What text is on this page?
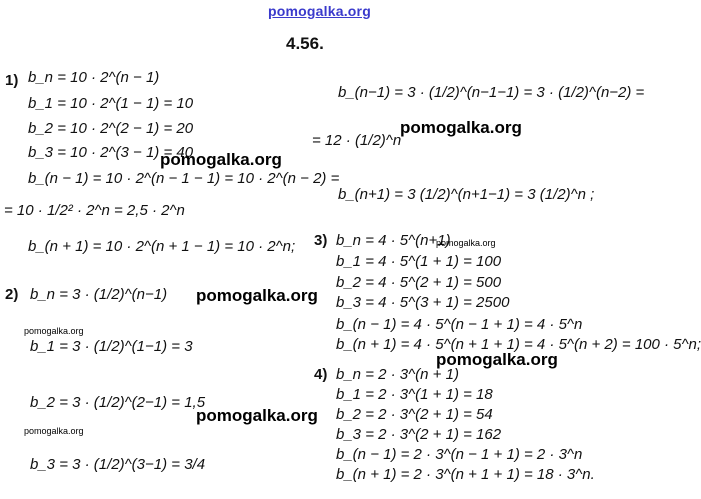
pomogalka.org
4.56.
1) b_n = 10 · 2^(n − 1)
b_1 = 10 · 2^(1 − 1) = 10
b_2 = 10 · 2^(2 − 1) = 20
b_3 = 10 · 2^(3 − 1) = 40
b_(n − 1) = 10 · 2^(n − 1 − 1) = 10 · 2^(n − 2) =
= 10 · 1/2² · 2^n = 2,5 · 2^n
b_(n + 1) = 10 · 2^(n + 1 − 1) = 10 · 2^n;
2) b_n = 3 · (1/2)^(n−1)
b_1 = 3 · (1/2)^(1−1) = 3
b_2 = 3 · (1/2)^(2−1) = 1,5
b_3 = 3 · (1/2)^(3−1) = 3/4
b_(n−1) = 3 · (1/2)^(n−1−1) = 3 · (1/2)^(n−2) =
= 12 · (1/2)^n
b_(n+1) = 3 (1/2)^(n+1−1) = 3 (1/2)^n ;
3) b_n = 4 · 5^(n+1)
b_1 = 4 · 5^(1 + 1) = 100
b_2 = 4 · 5^(2 + 1) = 500
b_3 = 4 · 5^(3 + 1) = 2500
b_(n − 1) = 4 · 5^(n − 1 + 1) = 4 · 5^n
b_(n + 1) = 4 · 5^(n + 1 + 1) = 4 · 5^(n + 2) = 100 · 5^n;
4) b_n = 2 · 3^(n + 1)
b_1 = 2 · 3^(1 + 1) = 18
b_2 = 2 · 3^(2 + 1) = 54
b_3 = 2 · 3^(2 + 1) = 162
b_(n − 1) = 2 · 3^(n − 1 + 1) = 2 · 3^n
b_(n + 1) = 2 · 3^(n + 1 + 1) = 18 · 3^n.
pomogalka.org
pomogalka.org
pomogalka.org
pomogalka.org
pomogalka.org
pomogalka.org
pomogalka.org
pomogalka.org
